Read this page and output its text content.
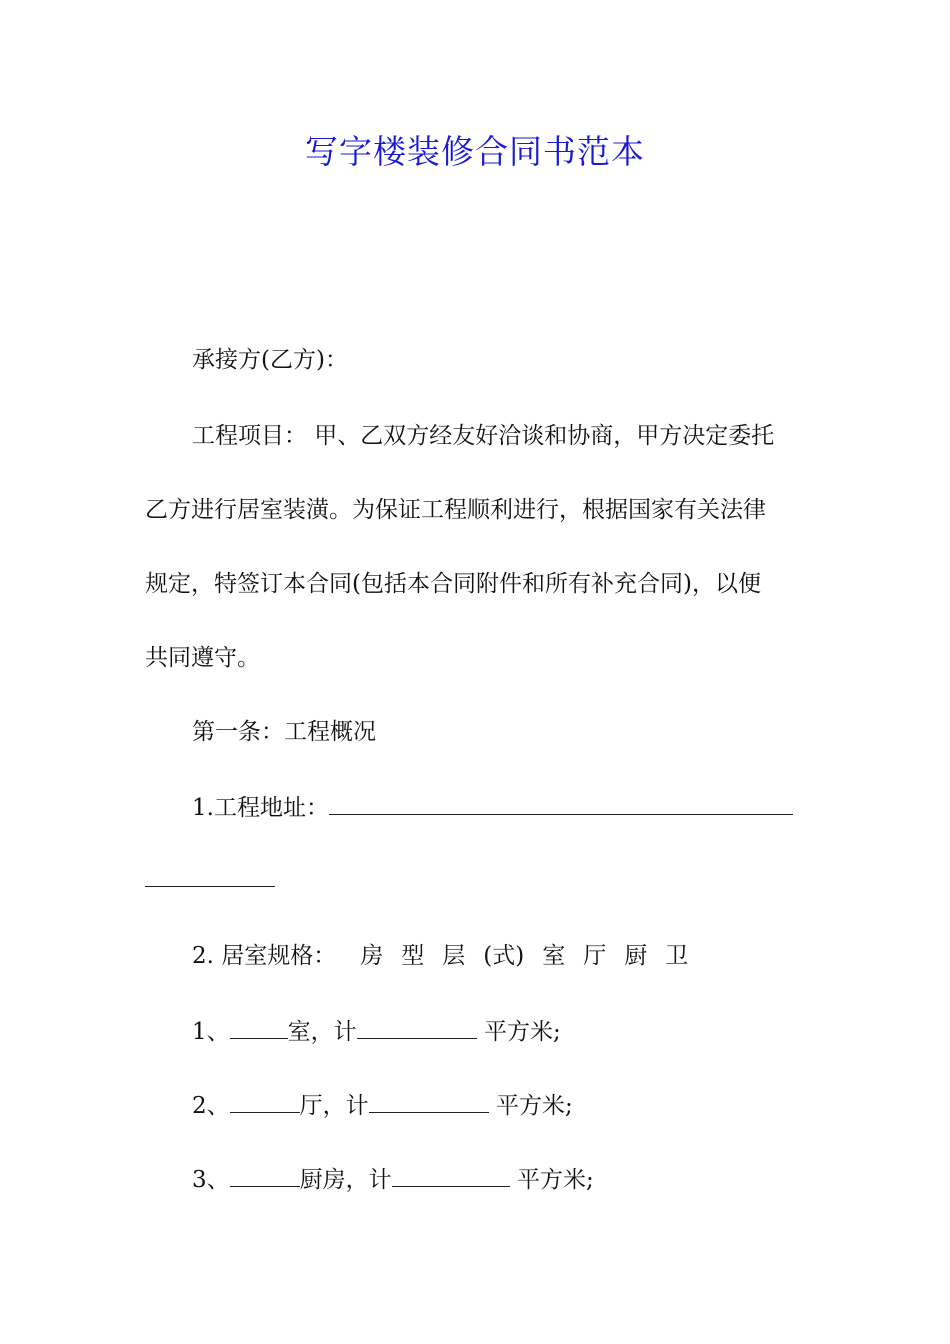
写字楼装修合同书范本
承接方(乙方)：
工程项目： 甲、乙双方经友好洽谈和协商，甲方决定委托
乙方进行居室装潢。为保证工程顺利进行，根据国家有关法律
规定，特签订本合同(包括本合同附件和所有补充合同)，以便
共同遵守。
第一条：工程概况
1.工程地址：
2. 居室规格： 房 型 层 (式) 室 厅 厨 卫
1、	室，计	平方米;
2、	厅，计	平方米;
3、	厨房，计	平方米;
